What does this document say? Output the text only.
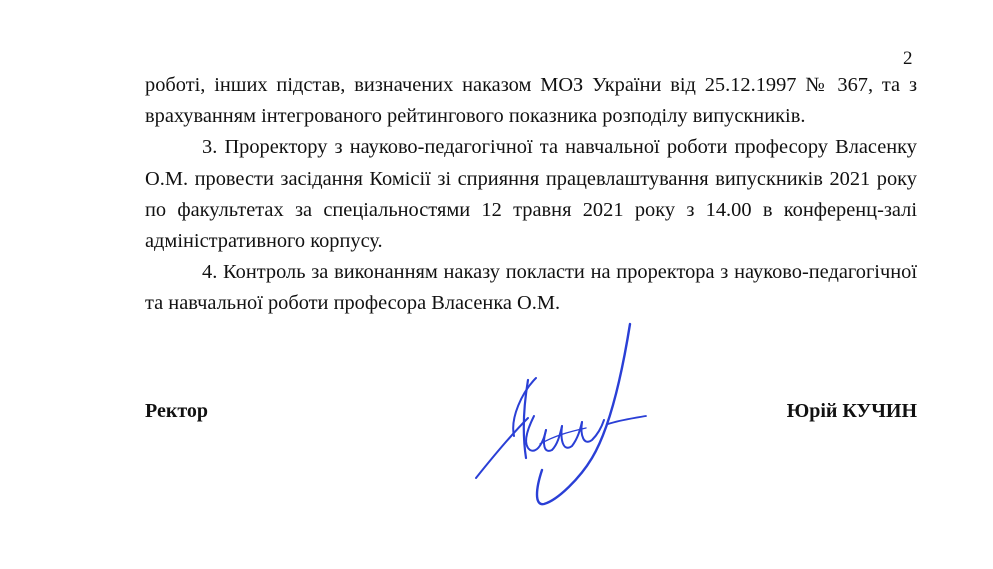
2

роботі, інших підстав, визначених наказом МОЗ України від 25.12.1997 № 367, та з врахуванням інтегрованого рейтингового показника розподілу випускників.

3. Проректору з науково-педагогічної та навчальної роботи професору Власенку О.М. провести засідання Комісії зі сприяння працевлаштування випускників 2021 року по факультетах за спеціальностями 12 травня 2021 року з 14.00 в конференц-залі адміністративного корпусу.

4. Контроль за виконанням наказу покласти на проректора з науково-педагогічної та навчальної роботи професора Власенка О.М.

Ректор	Юрій КУЧИН
